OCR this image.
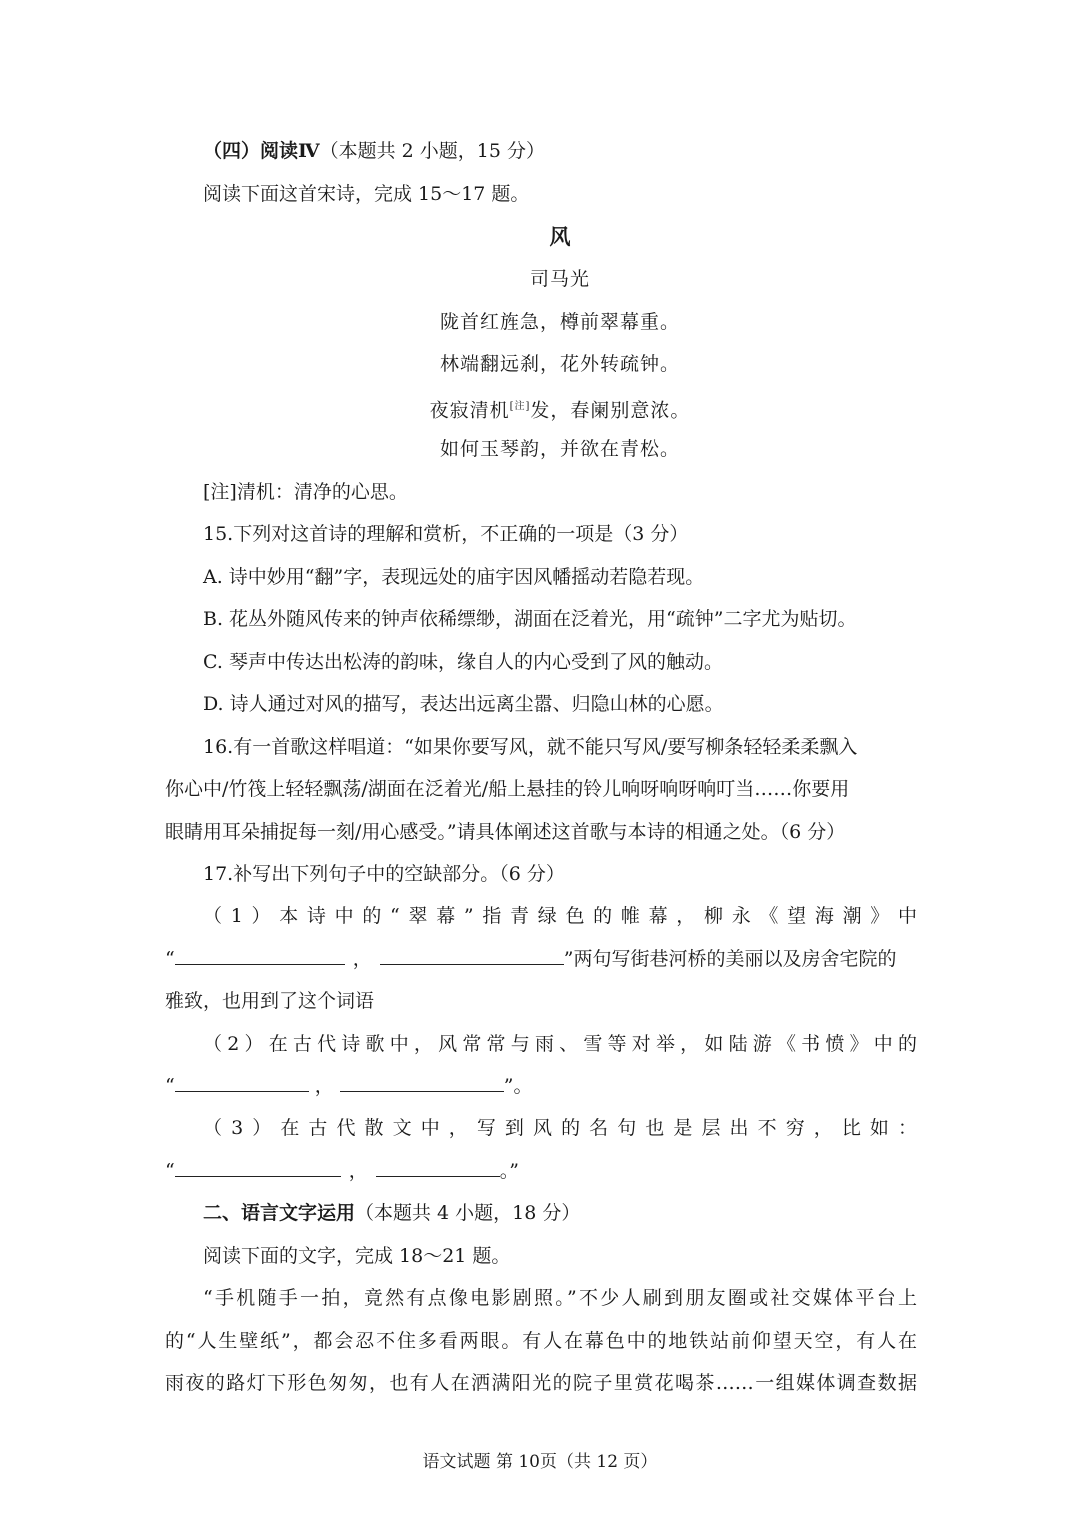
（四）阅读Ⅳ（本题共 2 小题，15 分）
阅读下面这首宋诗，完成 15～17 题。
风
司马光
陇首红旌急，樽前翠幕重。
林端翻远刹，花外转疏钟。
夜寂清机[注]发，春阑别意浓。
如何玉琴韵，并欲在青松。
[注]清机：清净的心思。
15.下列对这首诗的理解和赏析，不正确的一项是（3 分）
A. 诗中妙用“翻”字，表现远处的庙宇因风幡摇动若隐若现。
B. 花丛外随风传来的钟声依稀缥缈，湖面在泛着光，用“疏钟”二字尤为贴切。
C. 琴声中传达出松涛的韵味，缘自人的内心受到了风的触动。
D. 诗人通过对风的描写，表达出远离尘嚣、归隐山林的心愿。
16.有一首歌这样唱道：“如果你要写风，就不能只写风/要写柳条轻轻柔柔飘入
你心中/竹筏上轻轻飘荡/湖面在泛着光/船上悬挂的铃儿响呀响呀响叮当……你要用
眼睛用耳朵捕捉每一刻/用心感受。”请具体阐述这首歌与本诗的相通之处。（6 分）
17.补写出下列句子中的空缺部分。（6 分）
（1）本诗中的“翠幕”指青绿色的帷幕，柳永《望海潮》中
“	，	”两句写街巷河桥的美丽以及房舍宅院的
雅致，也用到了这个词语
（2）在古代诗歌中，风常常与雨、雪等对举，如陆游《书愤》中的
“	，	”。
（3）在古代散文中，写到风的名句也是层出不穷，比如：
“	，	。”
二、语言文字运用（本题共 4 小题，18 分）
阅读下面的文字，完成 18～21 题。
“手机随手一拍，竟然有点像电影剧照。”不少人刷到朋友圈或社交媒体平台上
的“人生壁纸”，都会忍不住多看两眼。有人在幕色中的地铁站前仰望天空，有人在
雨夜的路灯下形色匆匆，也有人在洒满阳光的院子里赏花喝茶……一组媒体调查数据
语文试题 第 10页（共 12 页）
